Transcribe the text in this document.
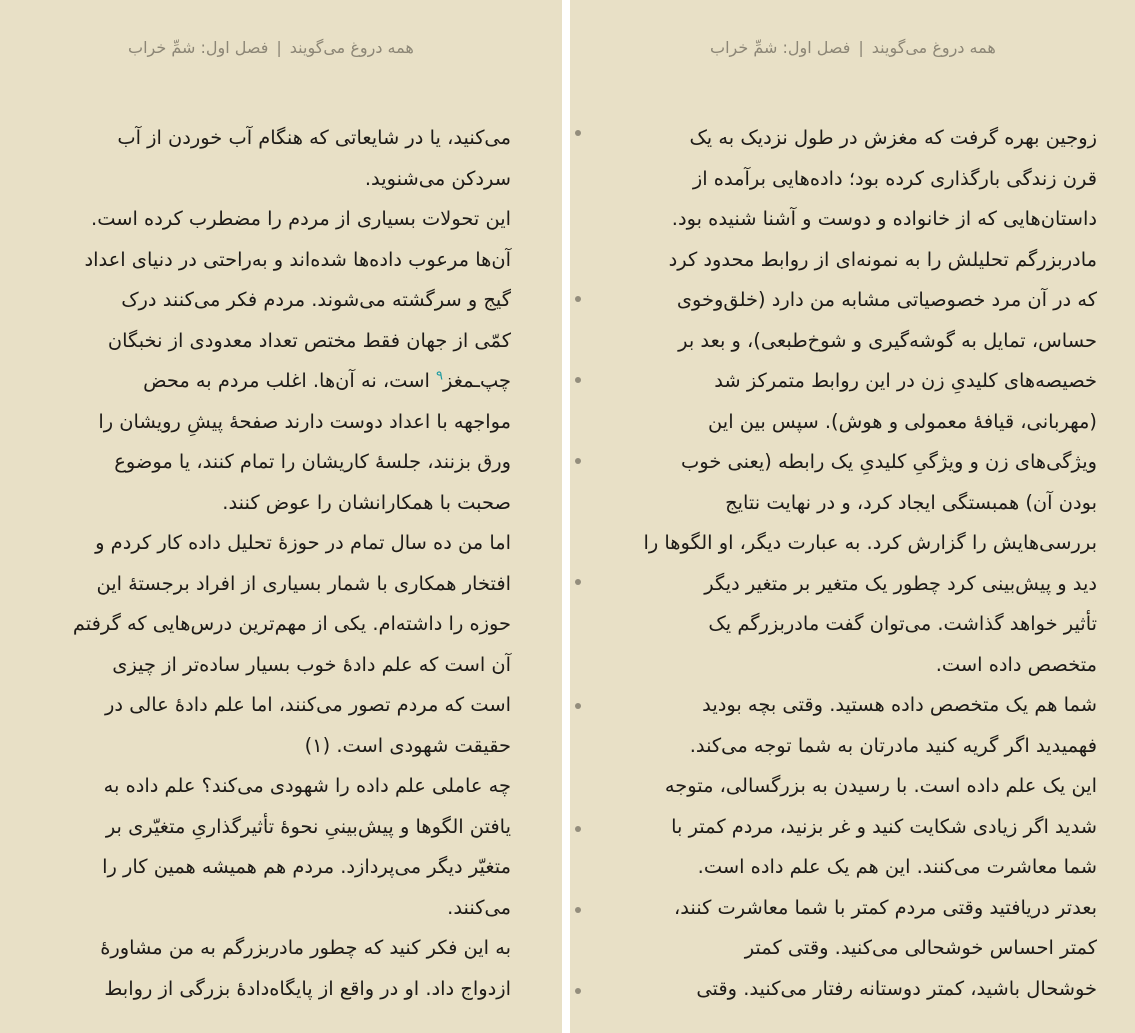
همه دروغ می‌گویند|فصل اول: شمِّ خراب
می‌کنید، یا در شایعاتی که هنگام آب خوردن از آب
سردکن می‌شنوید.
این تحولات بسیاری از مردم را مضطرب کرده است.
آن‌ها مرعوب داده‌ها شده‌اند و به‌راحتی در دنیای اعداد
گیج و سرگشته می‌شوند. مردم فکر می‌کنند درک
کمّی از جهان فقط مختص تعداد معدودی از نخبگان
چپ‌ـمغز$^۹$ است، نه آن‌ها. اغلب مردم به محض
مواجهه با اعداد دوست دارند صفحهٔ پیشِ رویشان را
ورق بزنند، جلسهٔ کاریشان را تمام کنند، یا موضوع
صحبت با همکارانشان را عوض کنند.
اما من ده سال تمام در حوزهٔ تحلیل داده کار کردم و
افتخار همکاری با شمار بسیاری از افراد برجستهٔ این
حوزه را داشته‌ام. یکی از مهم‌ترین درس‌هایی که گرفتم
آن است که علم دادهٔ خوب بسیار ساده‌تر از چیزی
است که مردم تصور می‌کنند، اما علم دادهٔ عالی در
حقیقت شهودی است. (۱)
چه عاملی علم داده را شهودی می‌کند؟ علم داده به
یافتن الگوها و پیش‌بینیِ نحوهٔ تأثیرگذاریِ متغیّری بر
متغیّر دیگر می‌پردازد. مردم هم همیشه همین کار را
می‌کنند.
به این فکر کنید که چطور مادربزرگم به من مشاورهٔ
ازدواج داد. او در واقع از پایگاه‌دادهٔ بزرگی از روابط
همه دروغ می‌گویند|فصل اول: شمِّ خراب
زوجین بهره گرفت که مغزش در طول نزدیک به یک
قرن زندگی بارگذاری کرده بود؛ داده‌هایی برآمده از
داستان‌هایی که از خانواده و دوست و آشنا شنیده بود.
مادربزرگم تحلیلش را به نمونه‌ای از روابط محدود کرد
که در آن مرد خصوصیاتی مشابه من دارد (خلق‌وخوی
حساس، تمایل به گوشه‌گیری و شوخ‌طبعی)، و بعد بر
خصیصه‌های کلیدیِ زن در این روابط متمرکز شد
(مهربانی، قیافهٔ معمولی و هوش). سپس بین این
ویژگی‌های زن و ویژگیِ کلیدیِ یک رابطه (یعنی خوب
بودن آن) همبستگی ایجاد کرد، و در نهایت نتایج
بررسی‌هایش را گزارش کرد. به عبارت دیگر، او الگوها را
دید و پیش‌بینی کرد چطور یک متغیر بر متغیر دیگر
تأثیر خواهد گذاشت. می‌توان گفت مادربزرگم یک
متخصص داده است.
شما هم یک متخصص داده هستید. وقتی بچه بودید
فهمیدید اگر گریه کنید مادرتان به شما توجه می‌کند.
این یک علم داده است. با رسیدن به بزرگسالی، متوجه
شدید اگر زیادی شکایت کنید و غر بزنید، مردم کمتر با
شما معاشرت می‌کنند. این هم یک علم داده است.
بعدتر دریافتید وقتی مردم کمتر با شما معاشرت کنند،
کمتر احساس خوشحالی می‌کنید. وقتی کمتر
خوشحال باشید، کمتر دوستانه رفتار می‌کنید. وقتی
